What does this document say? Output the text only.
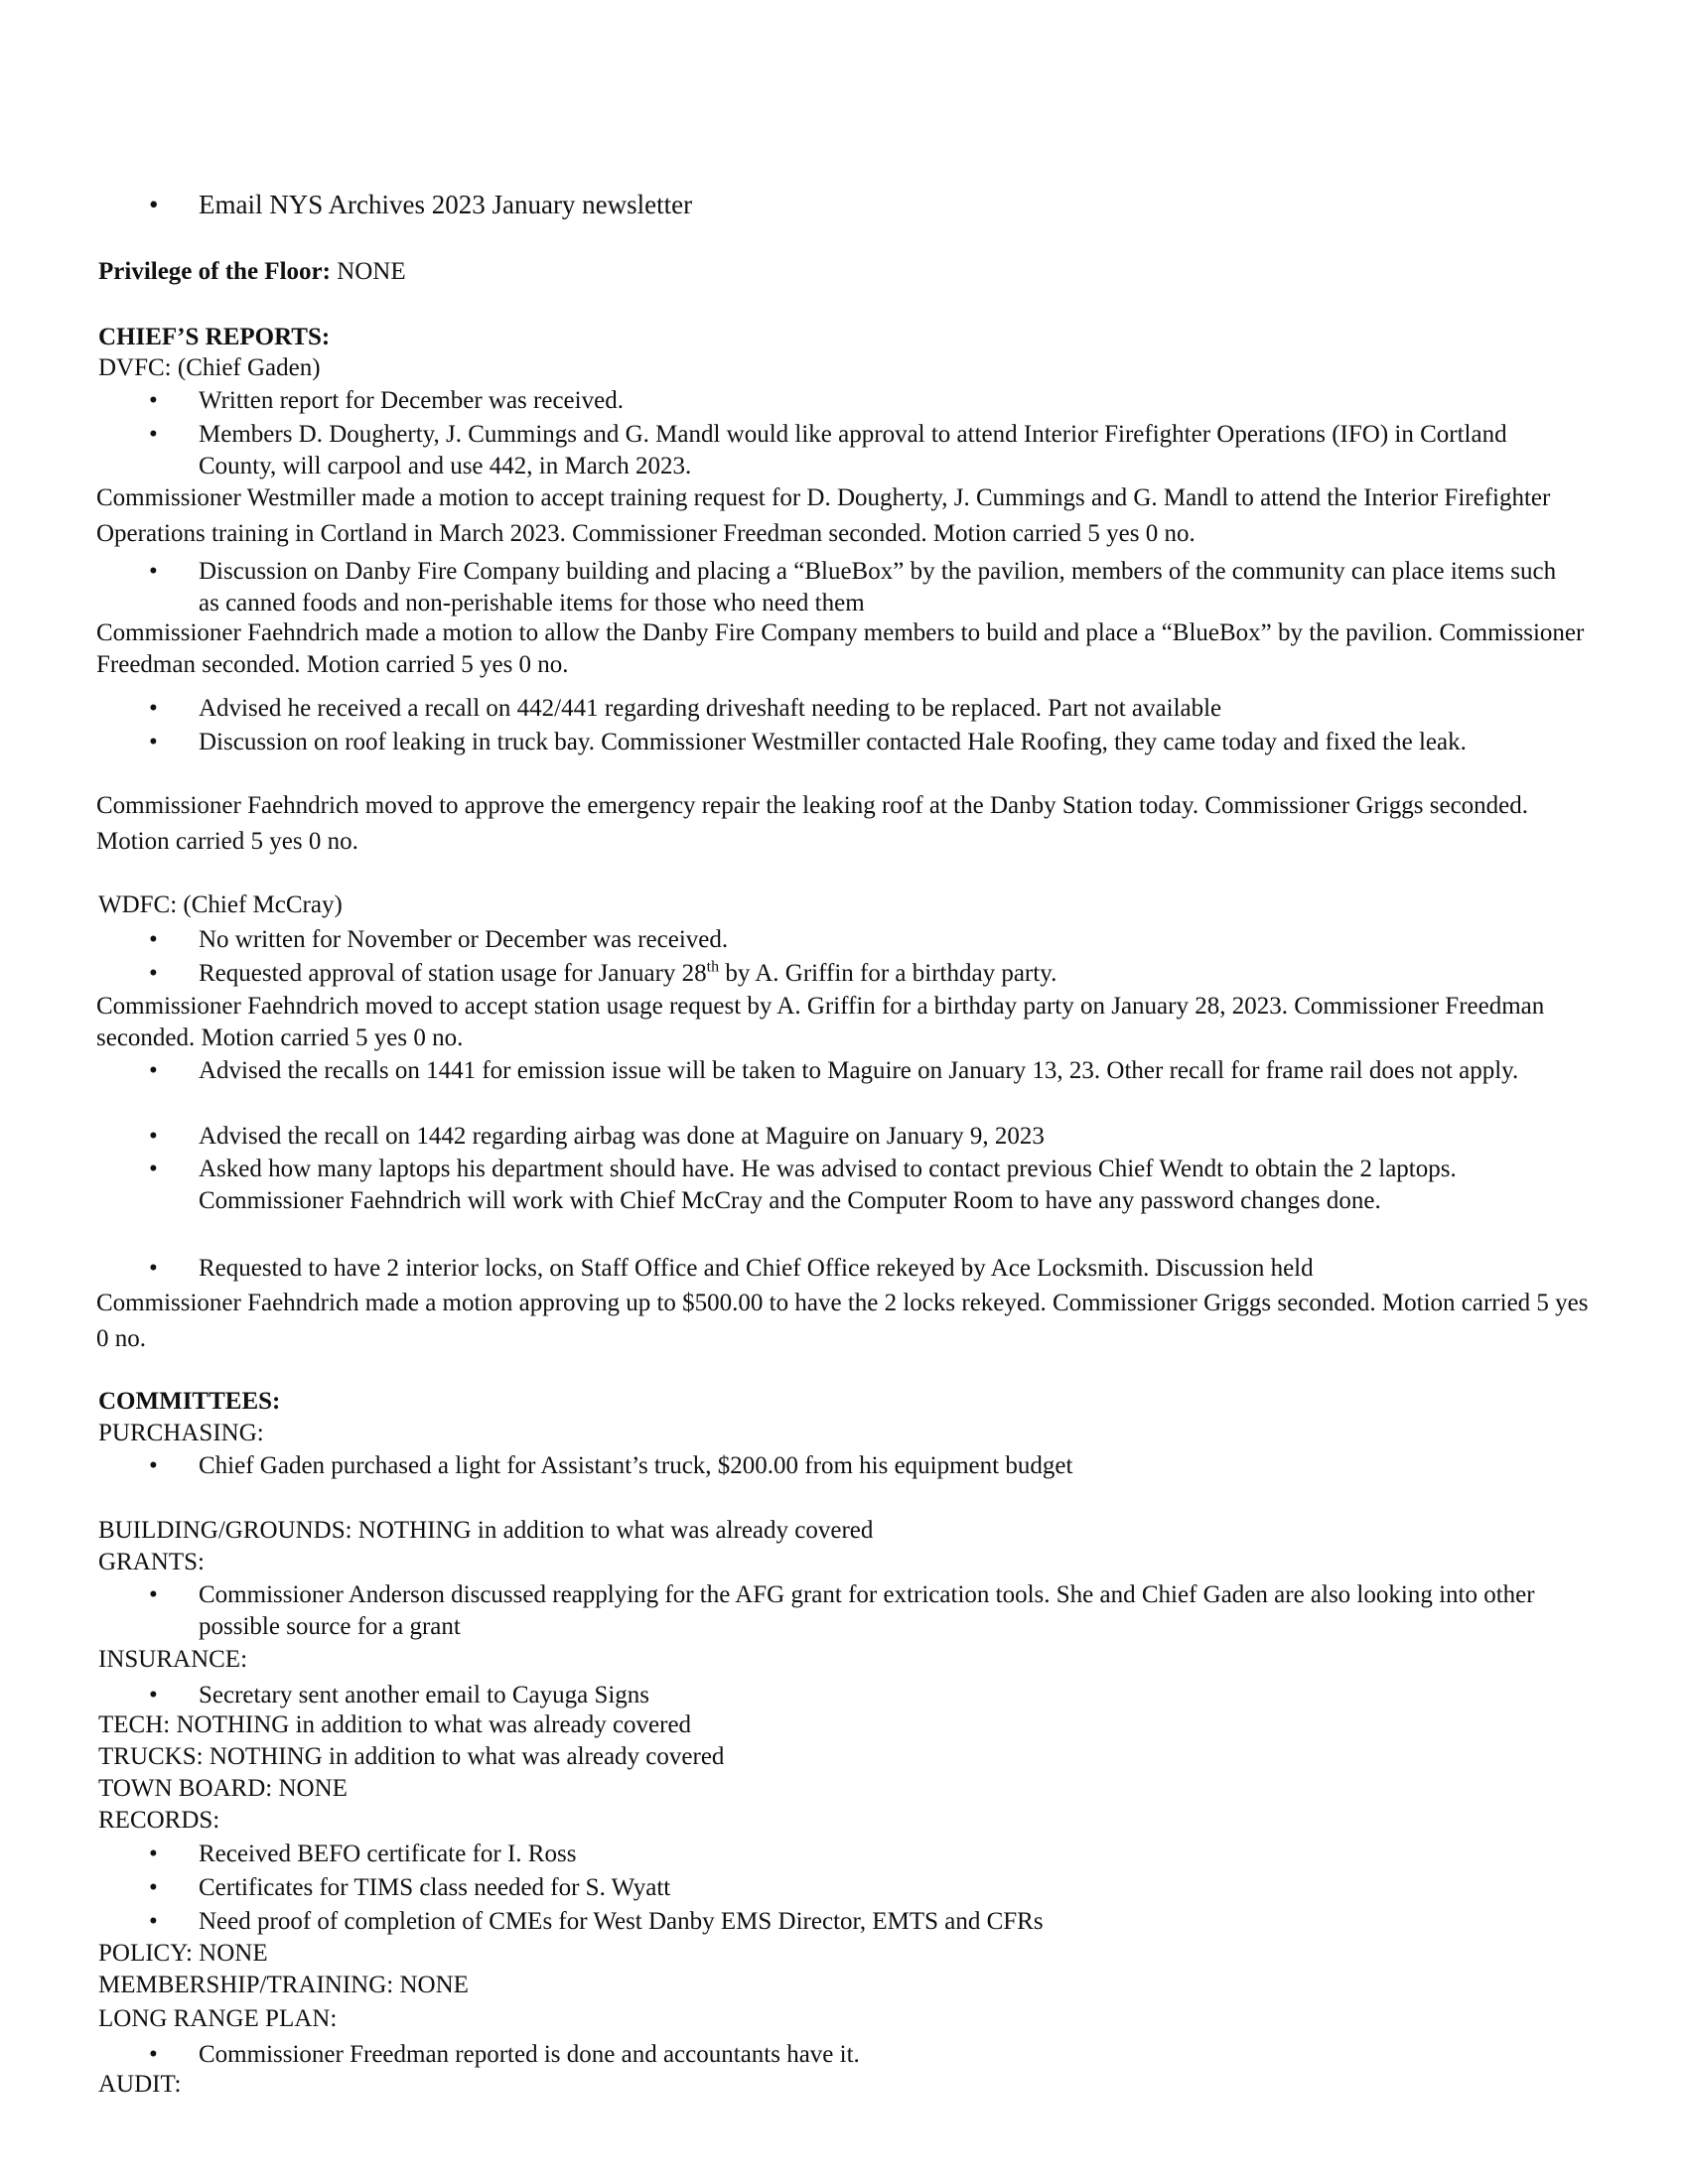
• Email NYS Archives 2023 January newsletter
Privilege of the Floor: NONE
CHIEF’S REPORTS:
DVFC: (Chief Gaden)
• Written report for December was received.
• Members D. Dougherty, J. Cummings and G. Mandl would like approval to attend Interior Firefighter Operations (IFO) in Cortland County, will carpool and use 442, in March 2023.
Commissioner Westmiller made a motion to accept training request for D. Dougherty, J. Cummings and G. Mandl to attend the Interior Firefighter Operations training in Cortland in March 2023. Commissioner Freedman seconded. Motion carried 5 yes 0 no.
• Discussion on Danby Fire Company building and placing a “BlueBox” by the pavilion, members of the community can place items such as canned foods and non-perishable items for those who need them
Commissioner Faehndrich made a motion to allow the Danby Fire Company members to build and place a “BlueBox” by the pavilion. Commissioner Freedman seconded. Motion carried 5 yes 0 no.
• Advised he received a recall on 442/441 regarding driveshaft needing to be replaced. Part not available
• Discussion on roof leaking in truck bay. Commissioner Westmiller contacted Hale Roofing, they came today and fixed the leak.
Commissioner Faehndrich moved to approve the emergency repair the leaking roof at the Danby Station today. Commissioner Griggs seconded. Motion carried 5 yes 0 no.
WDFC: (Chief McCray)
• No written for November or December was received.
• Requested approval of station usage for January 28th by A. Griffin for a birthday party.
Commissioner Faehndrich moved to accept station usage request by A. Griffin for a birthday party on January 28, 2023. Commissioner Freedman seconded. Motion carried 5 yes 0 no.
• Advised the recalls on 1441 for emission issue will be taken to Maguire on January 13, 23. Other recall for frame rail does not apply.
• Advised the recall on 1442 regarding airbag was done at Maguire on January 9, 2023
• Asked how many laptops his department should have. He was advised to contact previous Chief Wendt to obtain the 2 laptops. Commissioner Faehndrich will work with Chief McCray and the Computer Room to have any password changes done.
• Requested to have 2 interior locks, on Staff Office and Chief Office rekeyed by Ace Locksmith. Discussion held
Commissioner Faehndrich made a motion approving up to $500.00 to have the 2 locks rekeyed. Commissioner Griggs seconded. Motion carried 5 yes 0 no.
COMMITTEES:
PURCHASING:
• Chief Gaden purchased a light for Assistant’s truck, $200.00 from his equipment budget
BUILDING/GROUNDS: NOTHING in addition to what was already covered
GRANTS:
• Commissioner Anderson discussed reapplying for the AFG grant for extrication tools. She and Chief Gaden are also looking into other possible source for a grant
INSURANCE:
• Secretary sent another email to Cayuga Signs
TECH: NOTHING in addition to what was already covered
TRUCKS: NOTHING in addition to what was already covered
TOWN BOARD: NONE
RECORDS:
• Received BEFO certificate for I. Ross
• Certificates for TIMS class needed for S. Wyatt
• Need proof of completion of CMEs for West Danby EMS Director, EMTS and CFRs
POLICY: NONE
MEMBERSHIP/TRAINING: NONE
LONG RANGE PLAN:
• Commissioner Freedman reported is done and accountants have it.
AUDIT:
